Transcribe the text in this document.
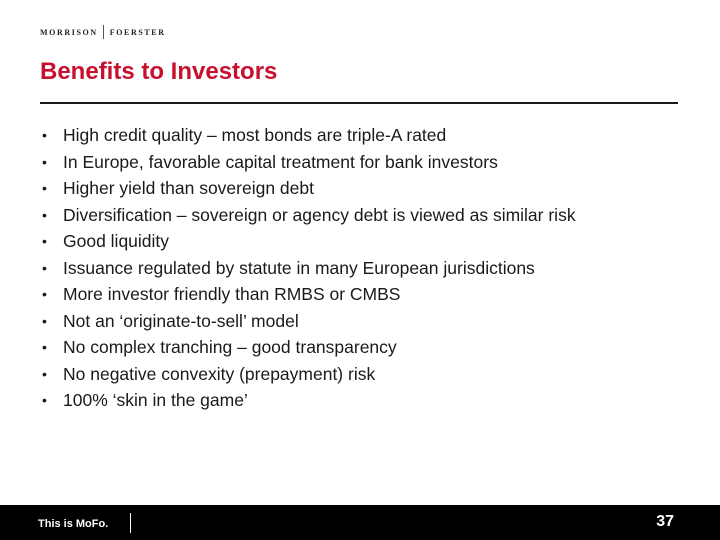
MORRISON FOERSTER
Benefits to Investors
• High credit quality – most bonds are triple-A rated
• In Europe, favorable capital treatment for bank investors
• Higher yield than sovereign debt
• Diversification – sovereign or agency debt is viewed as similar risk
• Good liquidity
• Issuance regulated by statute in many European jurisdictions
• More investor friendly than RMBS or CMBS
• Not an ‘originate-to-sell’ model
• No complex tranching – good transparency
• No negative convexity (prepayment) risk
• 100% ‘skin in the game’
This is MoFo.	37
